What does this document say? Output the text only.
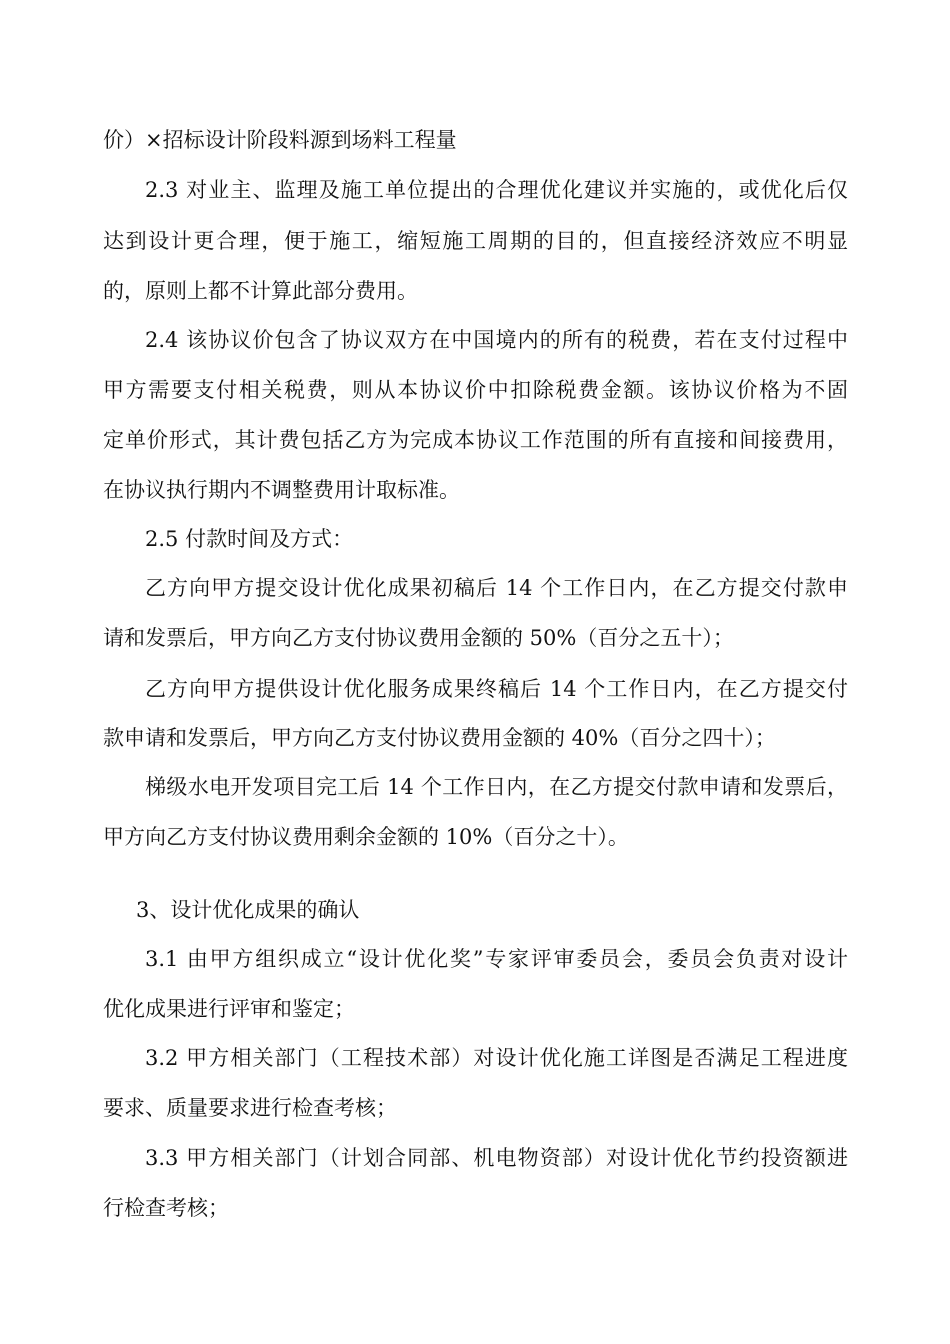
价）×招标设计阶段料源到场料工程量
2.3 对业主、监理及施工单位提出的合理优化建议并实施的，或优化后仅
达到设计更合理，便于施工，缩短施工周期的目的，但直接经济效应不明显
的，原则上都不计算此部分费用。
2.4 该协议价包含了协议双方在中国境内的所有的税费，若在支付过程中
甲方需要支付相关税费，则从本协议价中扣除税费金额。该协议价格为不固
定单价形式，其计费包括乙方为完成本协议工作范围的所有直接和间接费用，
在协议执行期内不调整费用计取标准。
2.5 付款时间及方式：
乙方向甲方提交设计优化成果初稿后 14 个工作日内，在乙方提交付款申
请和发票后，甲方向乙方支付协议费用金额的 50%（百分之五十）；
乙方向甲方提供设计优化服务成果终稿后 14 个工作日内，在乙方提交付
款申请和发票后，甲方向乙方支付协议费用金额的 40%（百分之四十）；
梯级水电开发项目完工后 14 个工作日内，在乙方提交付款申请和发票后，
甲方向乙方支付协议费用剩余金额的 10%（百分之十）。
3、设计优化成果的确认
3.1 由甲方组织成立“设计优化奖”专家评审委员会，委员会负责对设计
优化成果进行评审和鉴定；
3.2 甲方相关部门（工程技术部）对设计优化施工详图是否满足工程进度
要求、质量要求进行检查考核；
3.3 甲方相关部门（计划合同部、机电物资部）对设计优化节约投资额进
行检查考核；
